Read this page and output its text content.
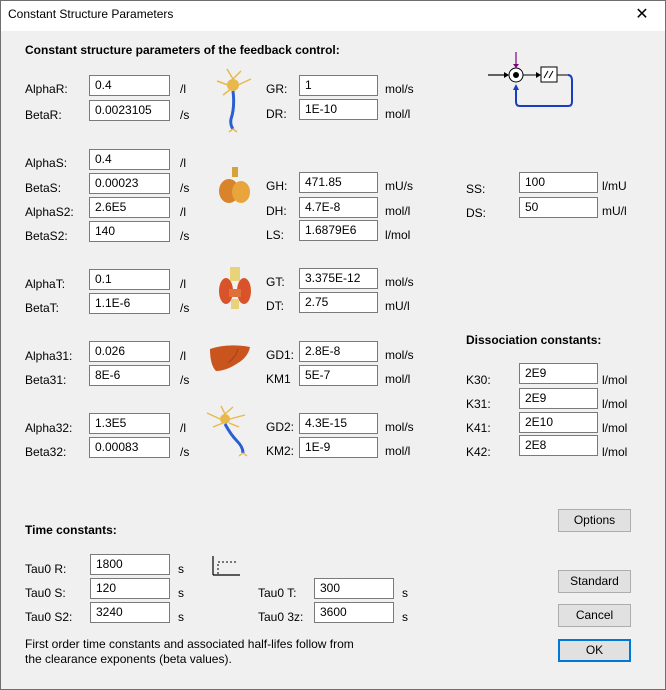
Constant Structure Parameters	✕
Constant structure parameters of the feedback control:
AlphaR:	0.4	/l
BetaR:	0.0023105	/s
GR:	1	mol/s
DR:	1E-10	mol/l
AlphaS:	0.4	/l
BetaS:	0.00023	/s
AlphaS2:	2.6E5	/l
BetaS2:	140	/s
GH:	471.85	mU/s
DH:	4.7E-8	mol/l
LS:	1.6879E6	l/mol
SS:	100	l/mU
DS:	50	mU/l
AlphaT:	0.1	/l
BetaT:	1.1E-6	/s
GT:	3.375E-12	mol/s
DT:	2.75	mU/l
Alpha31:	0.026	/l
Beta31:	8E-6	/s
GD1: 2.8E-8	mol/s
KM1	5E-7	mol/l
Dissociation constants:
K30:	2E9	l/mol
K31:	2E9	l/mol
K41:	2E10	l/mol
K42:	2E8	l/mol
Alpha32:	1.3E5	/l
Beta32:	0.00083	/s
GD2: 4.3E-15	mol/s
KM2: 1E-9	mol/l
Time constants:
Tau0 R:	1800	s
Tau0 S:	120	s
Tau0 S2:	3240	s
Tau0 T:	300	s
Tau0 3z:	3600	s
First order time constants and associated half-lifes follow from
the clearance exponents (beta values).
Options
Standard
Cancel
OK
